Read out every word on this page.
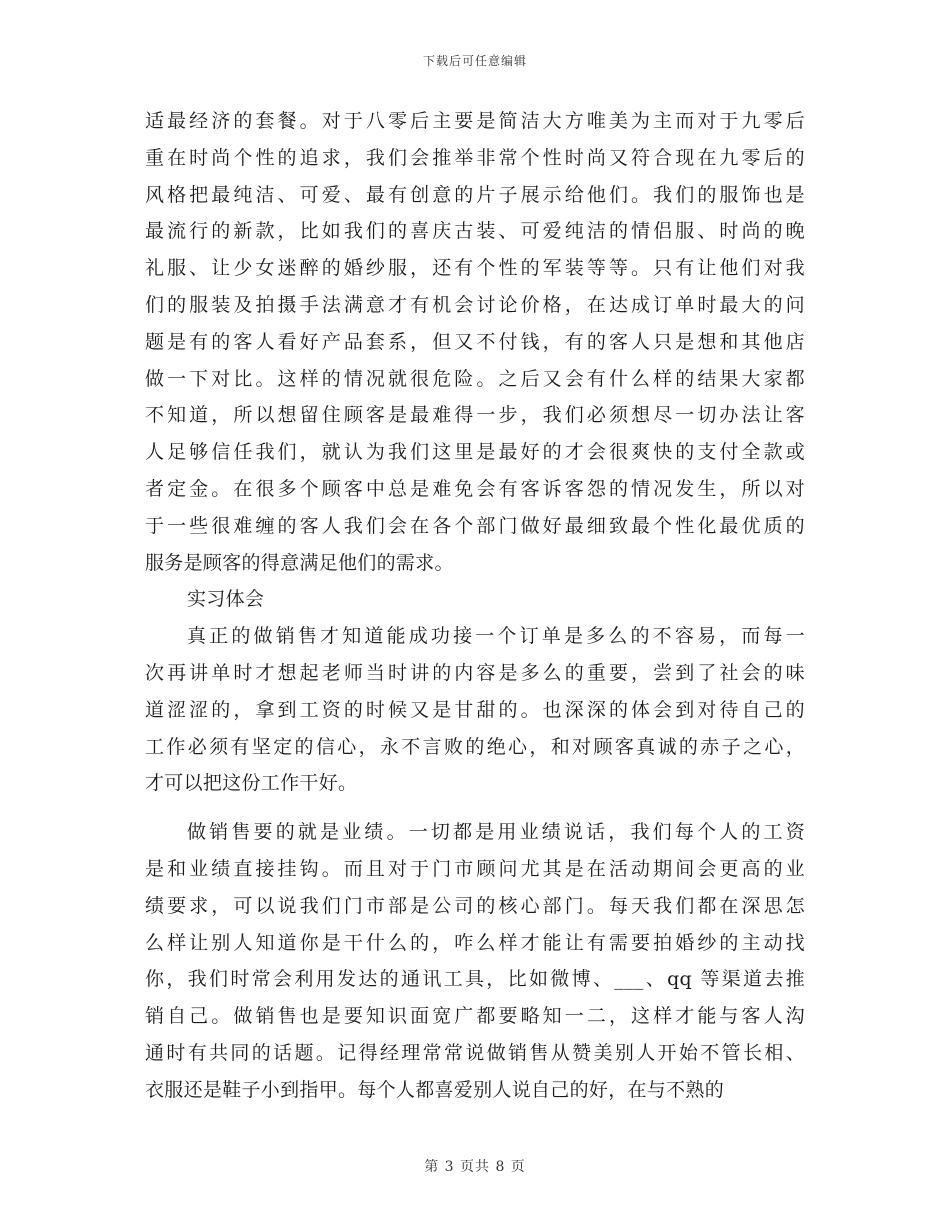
下载后可任意编辑
适最经济的套餐。对于八零后主要是简洁大方唯美为主而对于九零后
重在时尚个性的追求，我们会推举非常个性时尚又符合现在九零后的
风格把最纯洁、可爱、最有创意的片子展示给他们。我们的服饰也是
最流行的新款，比如我们的喜庆古装、可爱纯洁的情侣服、时尚的晚
礼服、让少女迷醉的婚纱服，还有个性的军装等等。只有让他们对我
们的服装及拍摄手法满意才有机会讨论价格，在达成订单时最大的问
题是有的客人看好产品套系，但又不付钱，有的客人只是想和其他店
做一下对比。这样的情况就很危险。之后又会有什么样的结果大家都
不知道，所以想留住顾客是最难得一步，我们必须想尽一切办法让客
人足够信任我们，就认为我们这里是最好的才会很爽快的支付全款或
者定金。在很多个顾客中总是难免会有客诉客怨的情况发生，所以对
于一些很难缠的客人我们会在各个部门做好最细致最个性化最优质的
服务是顾客的得意满足他们的需求。
实习体会
真正的做销售才知道能成功接一个订单是多么的不容易，而每一
次再讲单时才想起老师当时讲的内容是多么的重要，尝到了社会的味
道涩涩的，拿到工资的时候又是甘甜的。也深深的体会到对待自己的
工作必须有坚定的信心，永不言败的绝心，和对顾客真诚的赤子之心，
才可以把这份工作干好。
做销售要的就是业绩。一切都是用业绩说话，我们每个人的工资
是和业绩直接挂钩。而且对于门市顾问尤其是在活动期间会更高的业
绩要求，可以说我们门市部是公司的核心部门。每天我们都在深思怎
么样让别人知道你是干什么的，咋么样才能让有需要拍婚纱的主动找
你，我们时常会利用发达的通讯工具，比如微博、___、qq 等渠道去推
销自己。做销售也是要知识面宽广都要略知一二，这样才能与客人沟
通时有共同的话题。记得经理常常说做销售从赞美别人开始不管长相、
衣服还是鞋子小到指甲。每个人都喜爱别人说自己的好，在与不熟的
第 3 页共 8 页
